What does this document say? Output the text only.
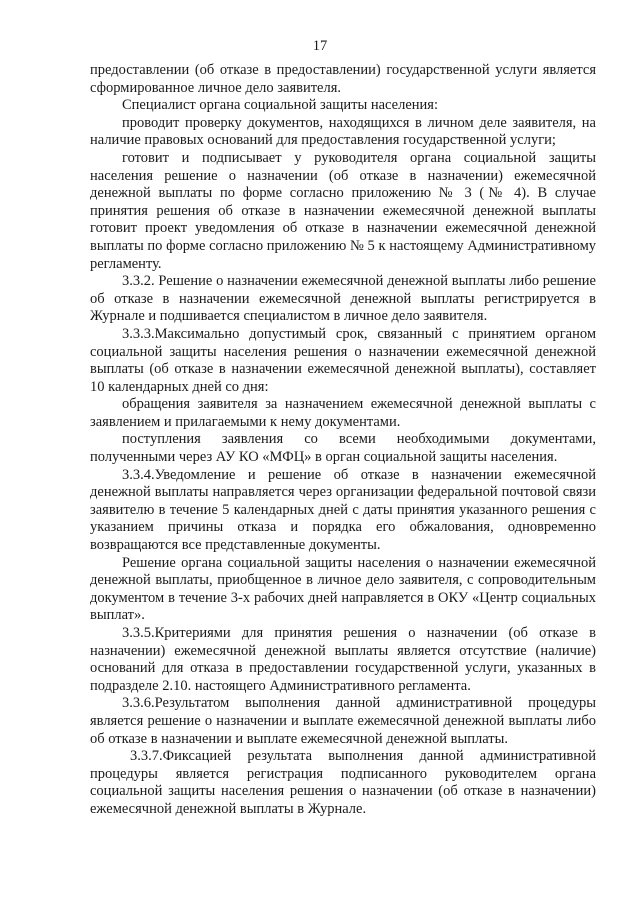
17

предоставлении (об отказе в предоставлении) государственной услуги является сформированное личное дело заявителя.

Специалист органа социальной защиты населения:

проводит проверку документов, находящихся в личном деле заявителя, на наличие правовых оснований для предоставления государственной услуги;

готовит и подписывает у руководителя органа социальной защиты населения решение о назначении (об отказе в назначении) ежемесячной денежной выплаты по форме согласно приложению № 3 (№ 4). В случае принятия решения об отказе в назначении ежемесячной денежной выплаты готовит проект уведомления об отказе в назначении ежемесячной денежной выплаты по форме согласно приложению № 5 к настоящему Административному регламенту.

3.3.2. Решение о назначении ежемесячной денежной выплаты либо решение об отказе в назначении ежемесячной денежной выплаты регистрируется в Журнале и подшивается специалистом в личное дело заявителя.

3.3.3.Максимально допустимый срок, связанный с принятием органом социальной защиты населения решения о назначении ежемесячной денежной выплаты (об отказе в назначении ежемесячной денежной выплаты), составляет 10 календарных дней со дня:

обращения заявителя за назначением ежемесячной денежной выплаты с заявлением и прилагаемыми к нему документами.

поступления заявления со всеми необходимыми документами, полученными через АУ КО «МФЦ» в орган социальной защиты населения.

3.3.4.Уведомление и решение об отказе в назначении ежемесячной денежной выплаты направляется через организации федеральной почтовой связи заявителю в течение 5 календарных дней с даты принятия указанного решения с указанием причины отказа и порядка его обжалования, одновременно возвращаются все представленные документы.

Решение органа социальной защиты населения о назначении ежемесячной денежной выплаты, приобщенное в личное дело заявителя, с сопроводительным документом в течение 3-х рабочих дней направляется в ОКУ «Центр социальных выплат».

3.3.5.Критериями для принятия решения о назначении (об отказе в назначении) ежемесячной денежной выплаты является отсутствие (наличие) оснований для отказа в предоставлении государственной услуги, указанных в подразделе 2.10. настоящего Административного регламента.

3.3.6.Результатом выполнения данной административной процедуры является решение о назначении и выплате ежемесячной денежной выплаты либо об отказе в назначении и выплате ежемесячной денежной выплаты.

3.3.7.Фиксацией результата выполнения данной административной процедуры является регистрация подписанного руководителем органа социальной защиты населения решения о назначении (об отказе в назначении) ежемесячной денежной выплаты в Журнале.
